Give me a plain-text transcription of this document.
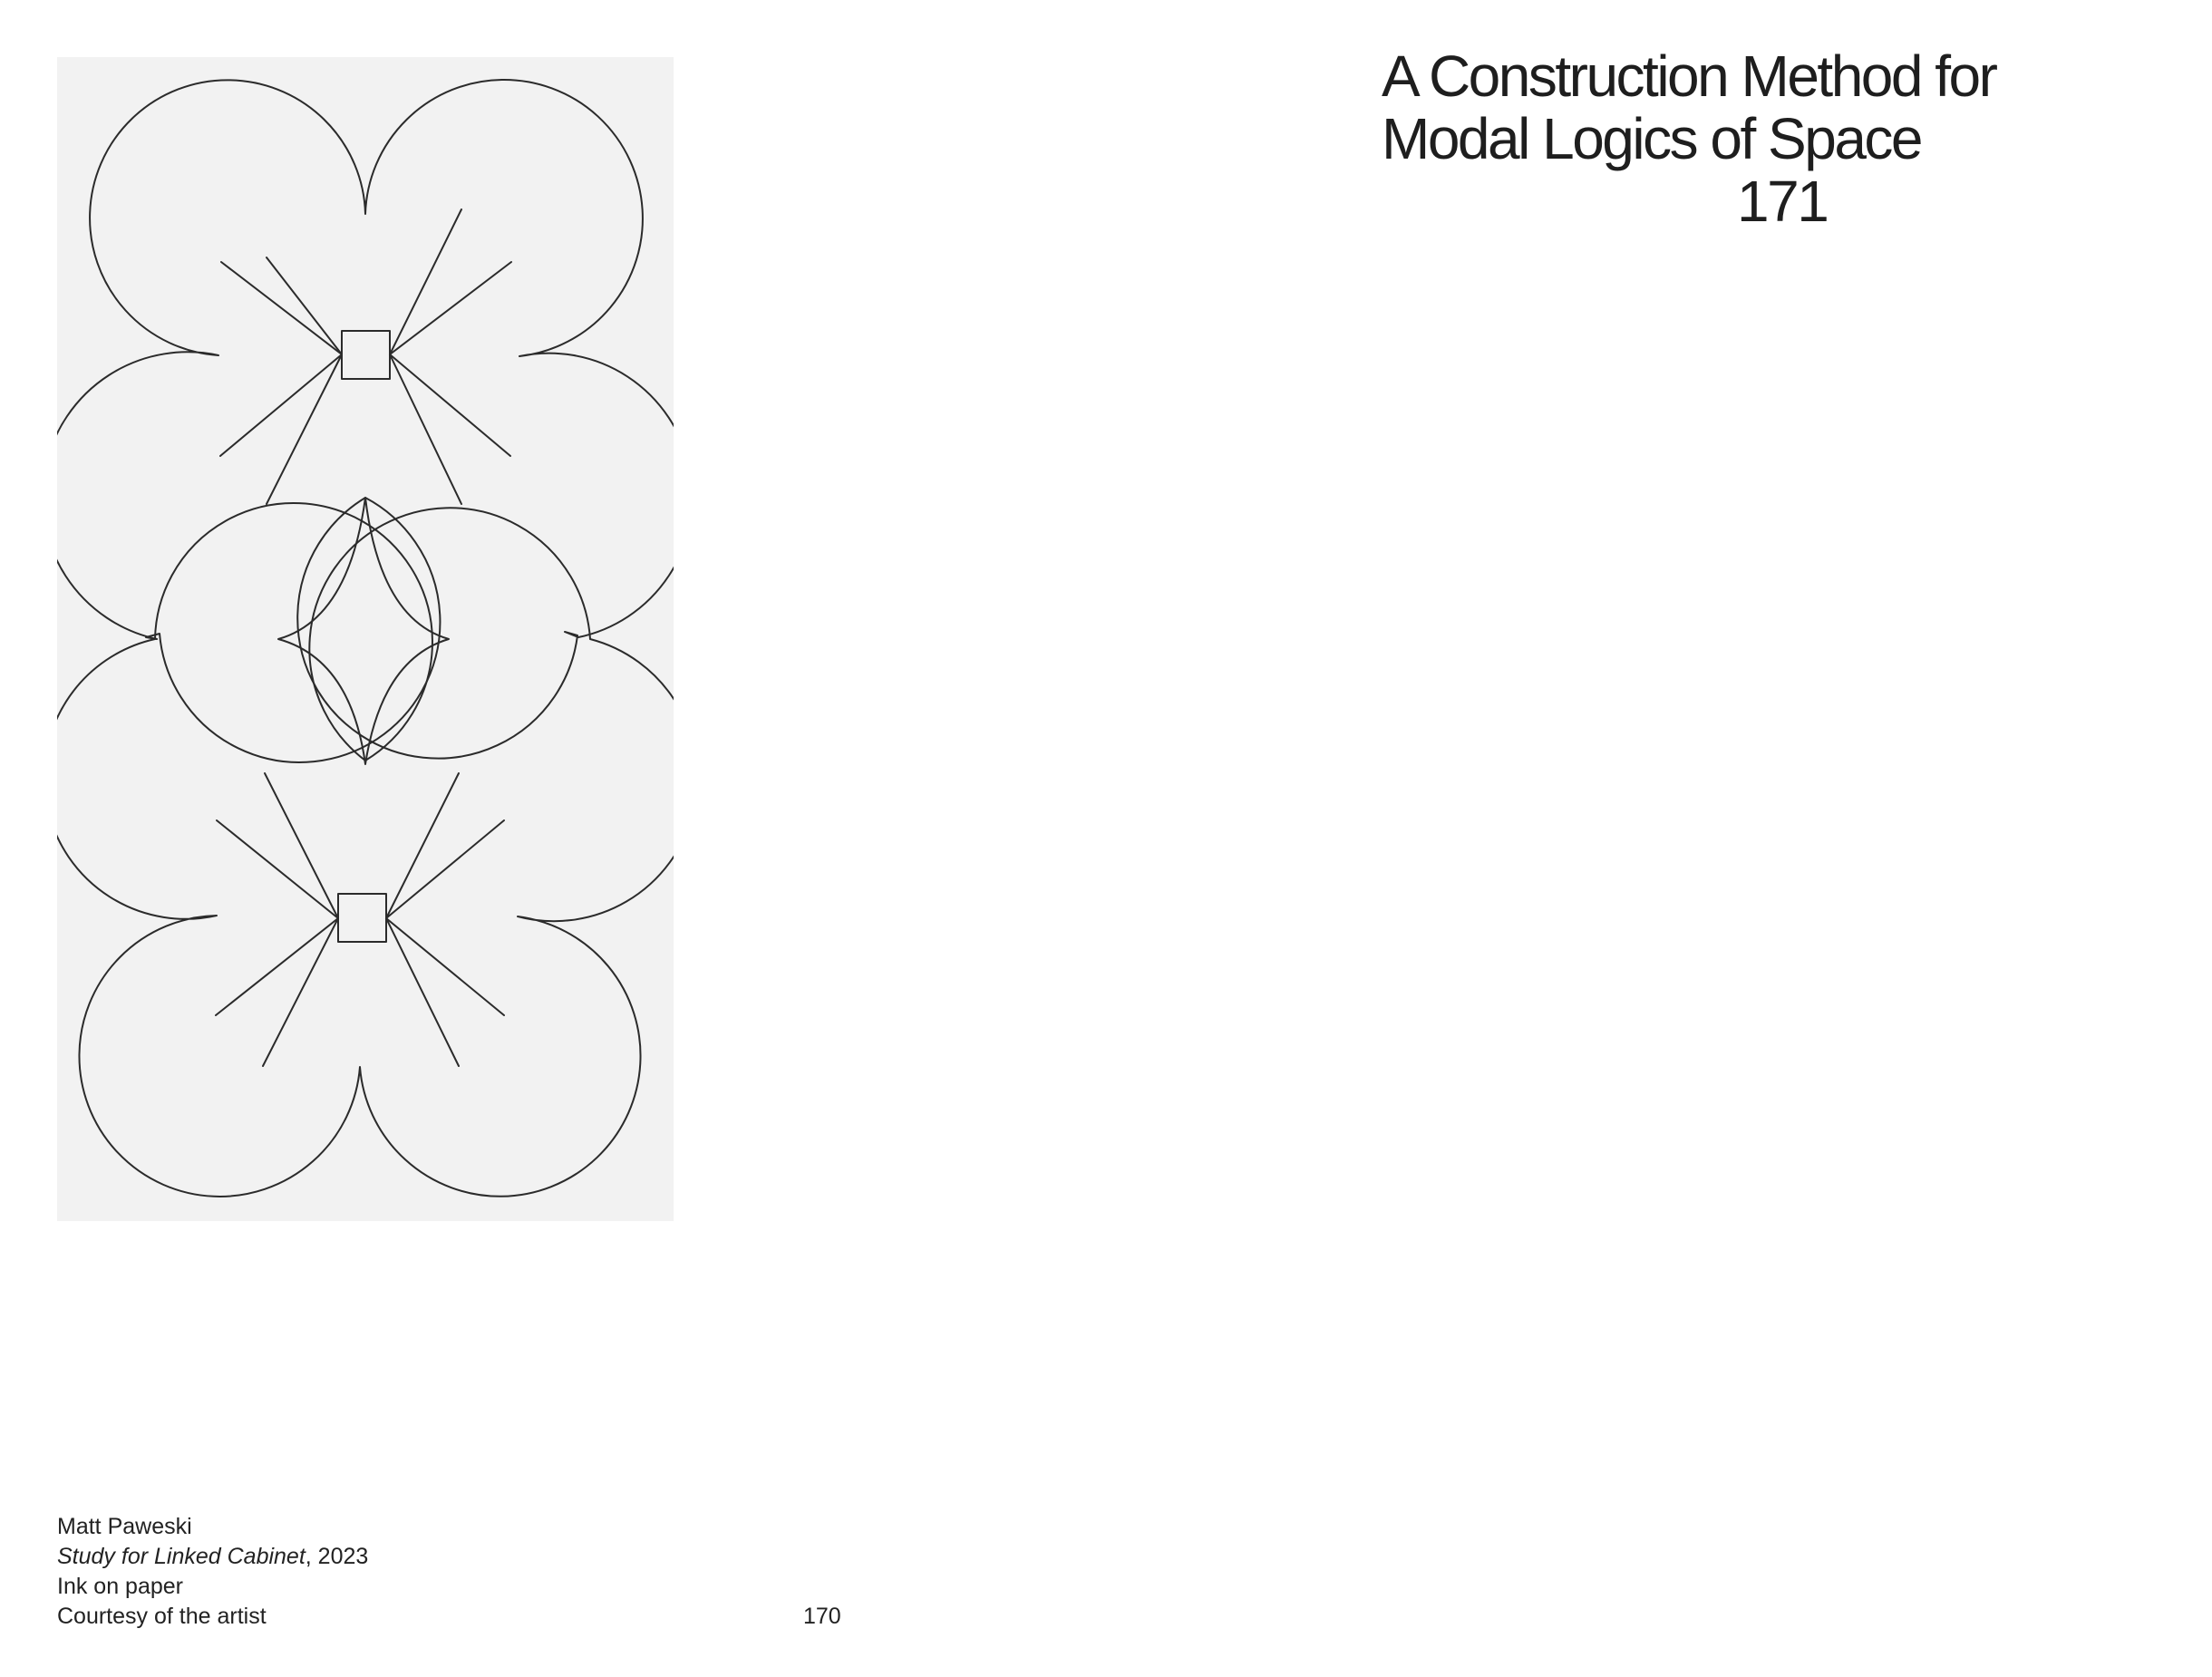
Matt Paweski
Study for Linked Cabinet, 2023
Ink on paper
Courtesy of the artist	170
A Construction Method for
Modal Logics of Space
171
